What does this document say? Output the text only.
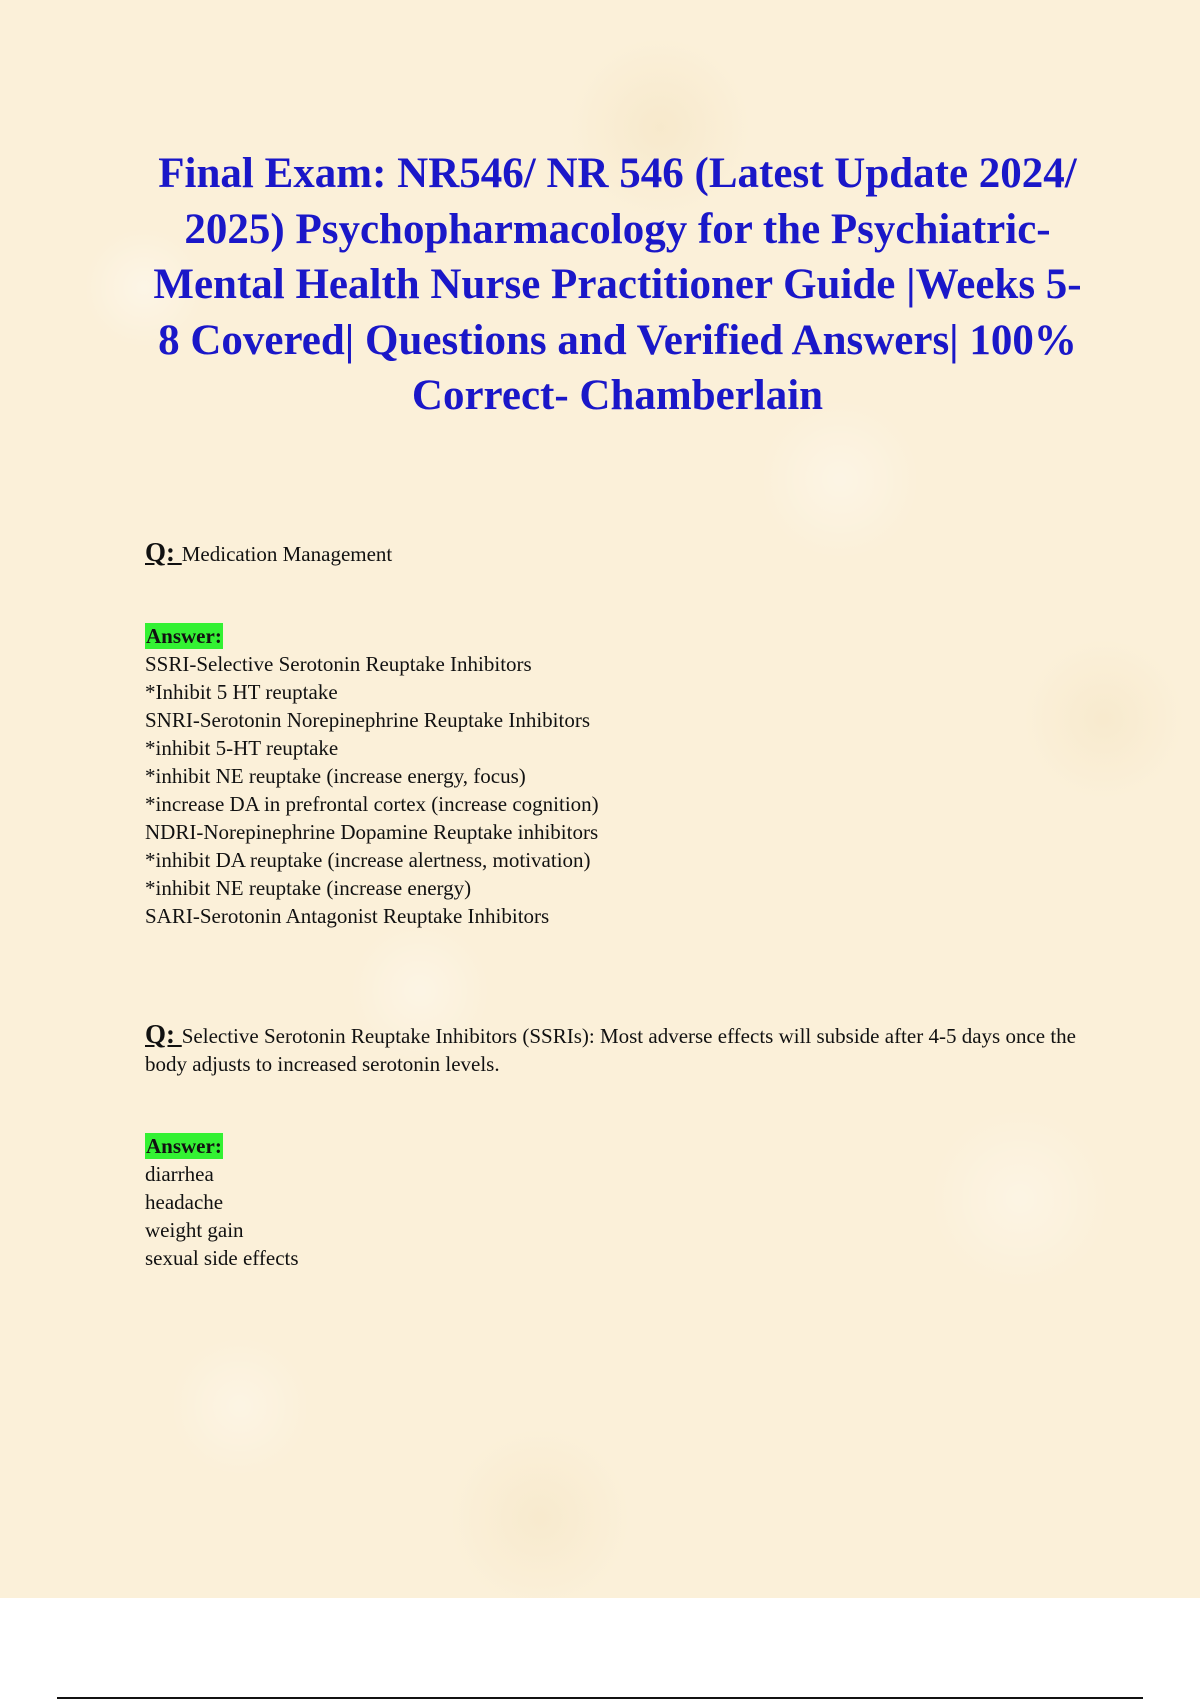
Final Exam: NR546/ NR 546 (Latest Update 2024/ 2025) Psychopharmacology for the Psychiatric-Mental Health Nurse Practitioner Guide |Weeks 5-8 Covered| Questions and Verified Answers| 100% Correct- Chamberlain

Q: Medication Management

Answer:
SSRI-Selective Serotonin Reuptake Inhibitors
*Inhibit 5 HT reuptake
SNRI-Serotonin Norepinephrine Reuptake Inhibitors
*inhibit 5-HT reuptake
*inhibit NE reuptake (increase energy, focus)
*increase DA in prefrontal cortex (increase cognition)
NDRI-Norepinephrine Dopamine Reuptake inhibitors
*inhibit DA reuptake (increase alertness, motivation)
*inhibit NE reuptake (increase energy)
SARI-Serotonin Antagonist Reuptake Inhibitors

Q: Selective Serotonin Reuptake Inhibitors (SSRIs): Most adverse effects will subside after 4-5 days once the body adjusts to increased serotonin levels.

Answer:
diarrhea
headache
weight gain
sexual side effects
